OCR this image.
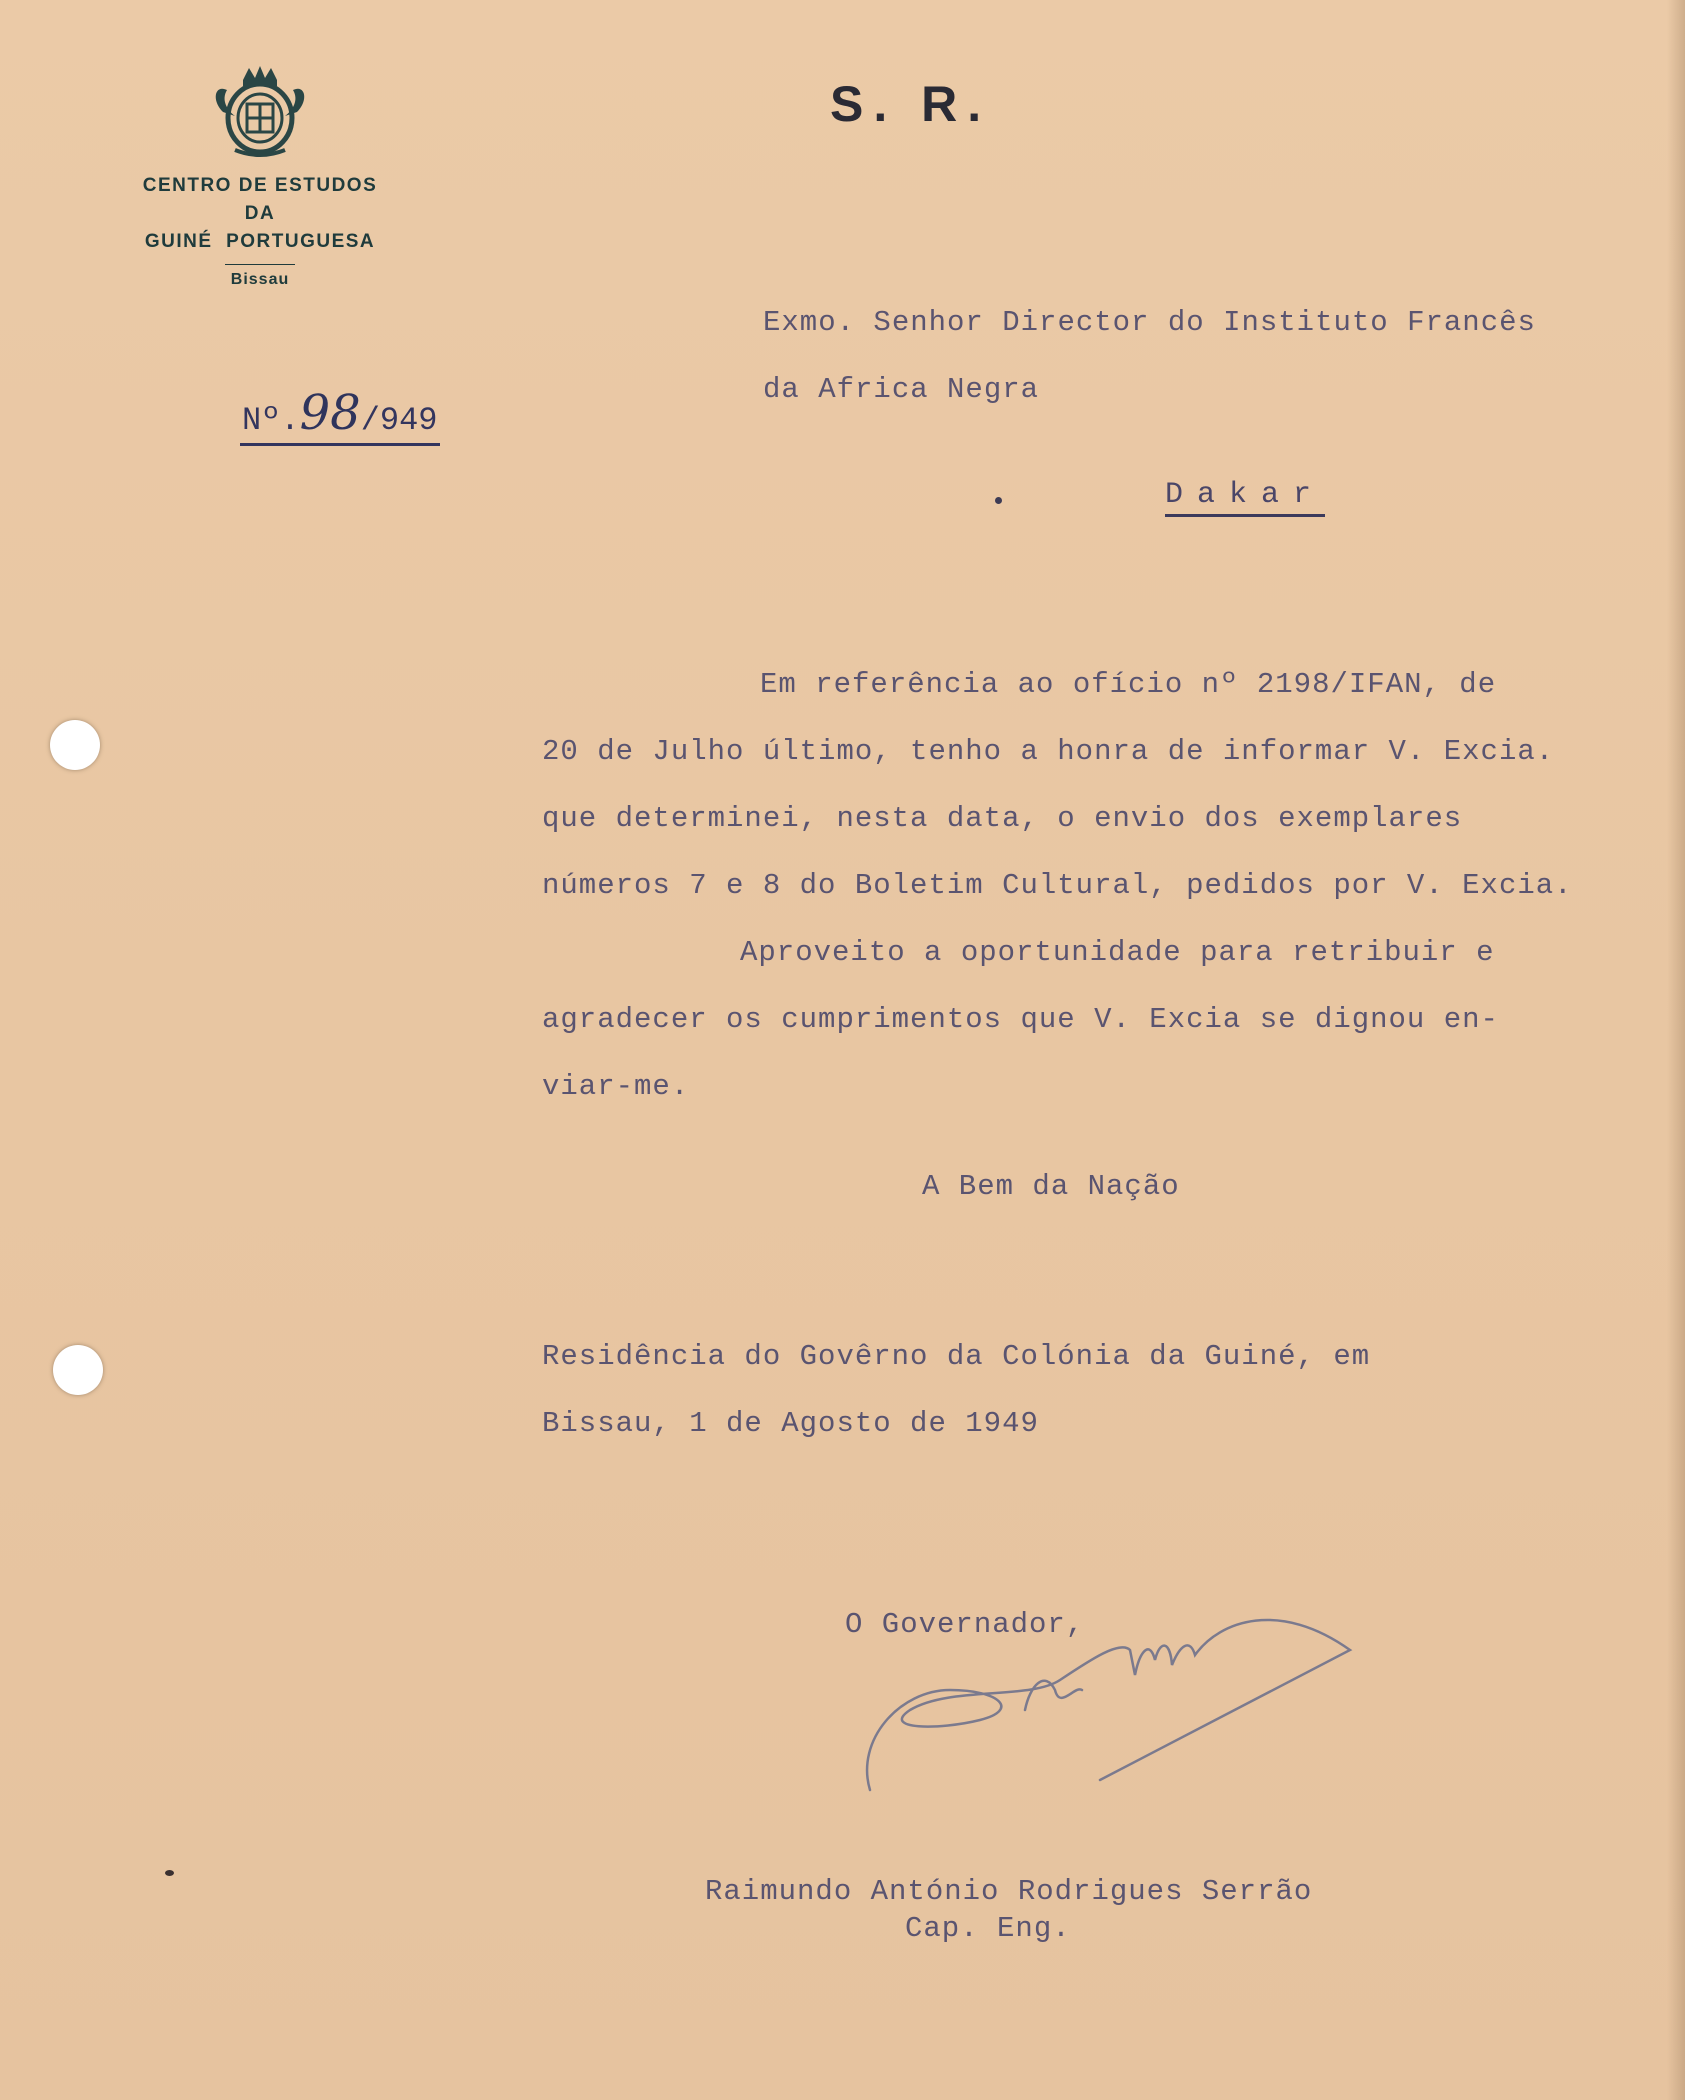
CENTRO DE ESTUDOS
DA
GUINÉ  PORTUGUESA
Bissau
S. R.
Nº.98/949
Exmo. Senhor Director do Instituto Francês
da Africa Negra
Dakar
Em referência ao ofício nº 2198/IFAN, de
20 de Julho último, tenho a honra de informar V. Excia.
que determinei, nesta data, o envio dos exemplares
números 7 e 8 do Boletim Cultural, pedidos por V. Excia.
Aproveito a oportunidade para retribuir e
agradecer os cumprimentos que V. Excia se dignou en-
viar-me.
A Bem da Nação
Residência do Govêrno da Colónia da Guiné, em
Bissau, 1 de Agosto de 1949
O Governador,
Raimundo António Rodrigues Serrão
Cap. Eng.
